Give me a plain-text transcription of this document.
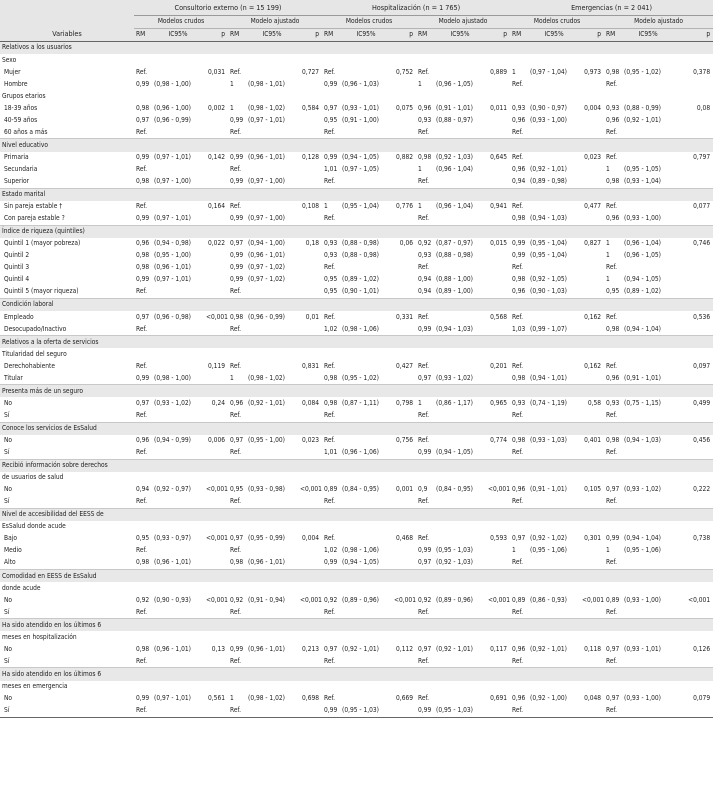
Variables	Consultorio externo (n = 15 199)						Hospitalización (n = 1 765)						Emergencias (n = 2 041)					
	Modelos crudos			Modelo ajustado			Modelos crudos			Modelo ajustado			Modelos crudos			Modelo ajustado		
	RM	IC95%	p	RM	IC95%	p	RM	IC95%	p	RM	IC95%	p	RM	IC95%	p	RM	IC95%	p
Relativos a los usuarios																		
Sexo																		
Mujer	Ref.		0,031	Ref.		0,727	Ref.		0,752	Ref.		0,889	1	(0,97 - 1,04)	0,973	0,98	(0,95 - 1,02)	0,378
Hombre	0,99	(0,98 - 1,00)		1	(0,98 - 1,01)		0,99	(0,96 - 1,03)		1	(0,96 - 1,05)		Ref.			Ref.		
Grupos etarios																		
18-39 años	0,98	(0,96 - 1,00)	0,002	1	(0,98 - 1,02)	0,584	0,97	(0,93 - 1,01)	0,075	0,96	(0,91 - 1,01)	0,011	0,93	(0,90 - 0,97)	0,004	0,93	(0,88 - 0,99)	0,08
40-59 años	0,97	(0,96 - 0,99)		0,99	(0,97 - 1,01)		0,95	(0,91 - 1,00)		0,93	(0,88 - 0,97)		0,96	(0,93 - 1,00)		0,96	(0,92 - 1,01)	
60 años a más	Ref.			Ref.			Ref.			Ref.			Ref.			Ref.		
Nivel educativo																		
Primaria	0,99	(0,97 - 1,01)	0,142	0,99	(0,96 - 1,01)	0,128	0,99	(0,94 - 1,05)	0,882	0,98	(0,92 - 1,03)	0,645	Ref.		0,023	Ref.		0,797
Secundaria	Ref.			Ref.			1,01	(0,97 - 1,05)		1	(0,96 - 1,04)		0,96	(0,92 - 1,01)		1	(0,95 - 1,05)	
Superior	0,98	(0,97 - 1,00)		0,99	(0,97 - 1,00)		Ref.			Ref.			0,94	(0,89 - 0,98)		0,98	(0,93 - 1,04)	
Estado marital																		
Sin pareja estable †	Ref.		0,164	Ref.		0,108	1	(0,95 - 1,04)	0,776	1	(0,96 - 1,04)	0,941	Ref.		0,477	Ref.		0,077
Con pareja estable ?	0,99	(0,97 - 1,01)		0,99	(0,97 - 1,00)		Ref.			Ref.			0,98	(0,94 - 1,03)		0,96	(0,93 - 1,00)	
Índice de riqueza (quintiles)																		
Quintil 1 (mayor pobreza)	0,96	(0,94 - 0,98)	0,022	0,97	(0,94 - 1,00)	0,18	0,93	(0,88 - 0,98)	0,06	0,92	(0,87 - 0,97)	0,015	0,99	(0,95 - 1,04)	0,827	1	(0,96 - 1,04)	0,746
Quintil 2	0,98	(0,95 - 1,00)		0,99	(0,96 - 1,01)		0,93	(0,88 - 0,98)		0,93	(0,88 - 0,98)		0,99	(0,95 - 1,04)		1	(0,96 - 1,05)	
Quintil 3	0,98	(0,96 - 1,01)		0,99	(0,97 - 1,02)		Ref.			Ref.			Ref.			Ref.		
Quintil 4	0,99	(0,97 - 1,01)		0,99	(0,97 - 1,02)		0,95	(0,89 - 1,02)		0,94	(0,88 - 1,00)		0,98	(0,92 - 1,05)		1	(0,94 - 1,05)	
Quintil 5 (mayor riqueza)	Ref.			Ref.			0,95	(0,90 - 1,01)		0,94	(0,89 - 1,00)		0,96	(0,90 - 1,03)		0,95	(0,89 - 1,02)	
Condición laboral																		
Empleado	0,97	(0,96 - 0,98)	<0,001	0,98	(0,96 - 0,99)	0,01	Ref.		0,331	Ref.		0,568	Ref.		0,162	Ref.		0,536
Desocupado/Inactivo	Ref.			Ref.			1,02	(0,98 - 1,06)		0,99	(0,94 - 1,03)		1,03	(0,99 - 1,07)		0,98	(0,94 - 1,04)	
Relativos a la oferta de servicios																		
Titularidad del seguro																		
Derechohabiente	Ref.		0,119	Ref.		0,831	Ref.		0,427	Ref.		0,201	Ref.		0,162	Ref.		0,097
Titular	0,99	(0,98 - 1,00)		1	(0,98 - 1,02)		0,98	(0,95 - 1,02)		0,97	(0,93 - 1,02)		0,98	(0,94 - 1,01)		0,96	(0,91 - 1,01)	
Presenta más de un seguro																		
No	0,97	(0,93 - 1,02)	0,24	0,96	(0,92 - 1,01)	0,084	0,98	(0,87 - 1,11)	0,798	1	(0,86 - 1,17)	0,965	0,93	(0,74 - 1,19)	0,58	0,93	(0,75 - 1,15)	0,499
Sí	Ref.			Ref.			Ref.			Ref.			Ref.			Ref.		
Conoce los servicios de EsSalud																		
No	0,96	(0,94 - 0,99)	0,006	0,97	(0,95 - 1,00)	0,023	Ref.		0,756	Ref.		0,774	0,98	(0,93 - 1,03)	0,401	0,98	(0,94 - 1,03)	0,456
Sí	Ref.			Ref.			1,01	(0,96 - 1,06)		0,99	(0,94 - 1,05)		Ref.			Ref.		
Recibió información sobre derechos																		
de usuarios de salud																		
No	0,94	(0,92 - 0,97)	<0,001	0,95	(0,93 - 0,98)	<0,001	0,89	(0,84 - 0,95)	0,001	0,9	(0,84 - 0,95)	<0,001	0,96	(0,91 - 1,01)	0,105	0,97	(0,93 - 1,02)	0,222
Sí	Ref.			Ref.			Ref.			Ref.			Ref.			Ref.		
Nivel de accesibilidad del EESS de																		
EsSalud donde acude																		
Bajo	0,95	(0,93 - 0,97)	<0,001	0,97	(0,95 - 0,99)	0,004	Ref.		0,468	Ref.		0,593	0,97	(0,92 - 1,02)	0,301	0,99	(0,94 - 1,04)	0,738
Medio	Ref.			Ref.			1,02	(0,98 - 1,06)		0,99	(0,95 - 1,03)		1	(0,95 - 1,06)		1	(0,95 - 1,06)	
Alto	0,98	(0,96 - 1,01)		0,98	(0,96 - 1,01)		0,99	(0,94 - 1,05)		0,97	(0,92 - 1,03)		Ref.			Ref.		
Comodidad en EESS de EsSalud																		
donde acude																		
No	0,92	(0,90 - 0,93)	<0,001	0,92	(0,91 - 0,94)	<0,001	0,92	(0,89 - 0,96)	<0,001	0,92	(0,89 - 0,96)	<0,001	0,89	(0,86 - 0,93)	<0,001	0,89	(0,93 - 1,00)	<0,001
Sí	Ref.			Ref.			Ref.			Ref.			Ref.			Ref.		
Ha sido atendido en los últimos 6																		
meses en hospitalización																		
No	0,98	(0,96 - 1,01)	0,13	0,99	(0,96 - 1,01)	0,213	0,97	(0,92 - 1,01)	0,112	0,97	(0,92 - 1,01)	0,117	0,96	(0,92 - 1,01)	0,118	0,97	(0,93 - 1,01)	0,126
Sí	Ref.			Ref.			Ref.			Ref.			Ref.			Ref.		
Ha sido atendido en los últimos 6																		
meses en emergencia																		
No	0,99	(0,97 - 1,01)	0,561	1	(0,98 - 1,02)	0,698	Ref.		0,669	Ref.		0,691	0,96	(0,92 - 1,00)	0,048	0,97	(0,93 - 1,00)	0,079
Sí	Ref.			Ref.			0,99	(0,95 - 1,03)		0,99	(0,95 - 1,03)		Ref.			Ref.		
